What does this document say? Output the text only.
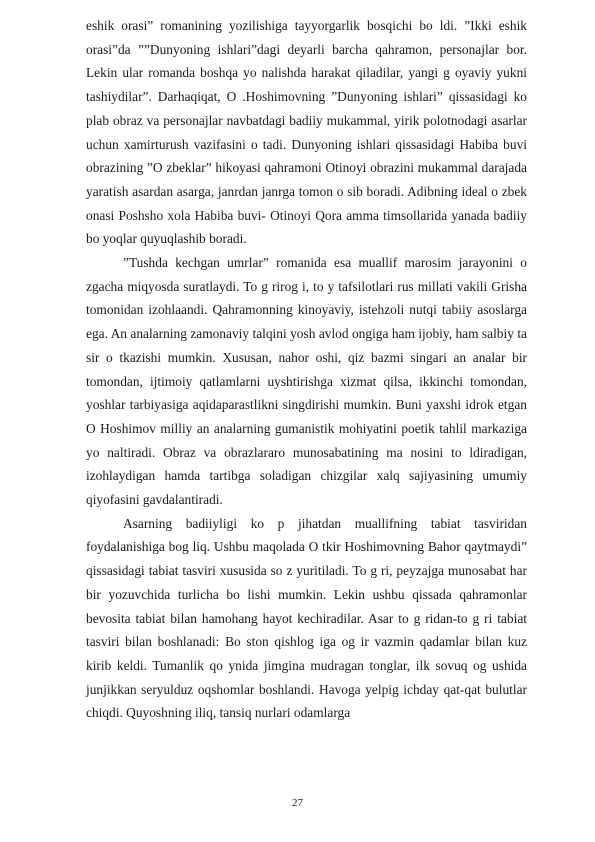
eshik orasi” romanining yozilishiga tayyorgarlik bosqichi bo ldi. ”Ikki eshik orasi”da ””Dunyoning ishlari”dagi deyarli barcha qahramon, personajlar bor. Lekin ular romanda boshqa yo nalishda harakat qiladilar, yangi g oyaviy yukni tashiydilar”. Darhaqiqat, O .Hoshimovning ”Dunyoning ishlari” qissasidagi ko plab obraz va personajlar navbatdagi badiiy mukammal, yirik polotnodagi asarlar uchun xamirturush vazifasini o tadi. Dunyoning ishlari qissasidagi Habiba buvi obrazining ”O zbeklar” hikoyasi qahramoni Otinoyi obrazini mukammal darajada yaratish asardan asarga, janrdan janrga tomon o sib boradi. Adibning ideal o zbek onasi Poshsho xola Habiba buvi- Otinoyi Qora amma timsollarida yanada badiiy bo yoqlar quyuqlashib boradi.

”Tushda kechgan umrlar” romanida esa muallif marosim jarayonini o zgacha miqyosda suratlaydi. To g rirog i, to y tafsilotlari rus millati vakili Grisha tomonidan izohlaandi. Qahramonning kinoyaviy, istehzoli nutqi tabiiy asoslarga ega. An analarning zamonaviy talqini yosh avlod ongiga ham ijobiy, ham salbiy ta sir o tkazishi mumkin. Xususan, nahor oshi, qiz bazmi singari an analar bir tomondan, ijtimoiy qatlamlarni uyshtirishga xizmat qilsa, ikkinchi tomondan, yoshlar tarbiyasiga aqidaparastlikni singdirishi mumkin. Buni yaxshi idrok etgan O Hoshimov milliy an analarning gumanistik mohiyatini poetik tahlil markaziga yo naltiradi. Obraz va obrazlararo munosabatining ma nosini to ldiradigan, izohlaydigan hamda tartibga soladigan chizgilar xalq sajiyasining umumiy qiyofasini gavdalantiradi.

Asarning badiiyligi ko p jihatdan muallifning tabiat tasviridan foydalanishiga bog liq. Ushbu maqolada O tkir Hoshimovning Bahor qaytmaydi” qissasidagi tabiat tasviri xususida so z yuritiladi. To g ri, peyzajga munosabat har bir yozuvchida turlicha bo lishi mumkin. Lekin ushbu qissada qahramonlar bevosita tabiat bilan hamohang hayot kechiradilar. Asar to g ridan-to g ri tabiat tasviri bilan boshlanadi: Bo ston qishlog iga og ir vazmin qadamlar bilan kuz kirib keldi. Tumanlik qo ynida jimgina mudragan tonglar, ilk sovuq og ushida junjikkan seryulduz oqshomlar boshlandi. Havoga yelpig ichday qat-qat bulutlar chiqdi. Quyoshning iliq, tansiq nurlari odamlarga

27
